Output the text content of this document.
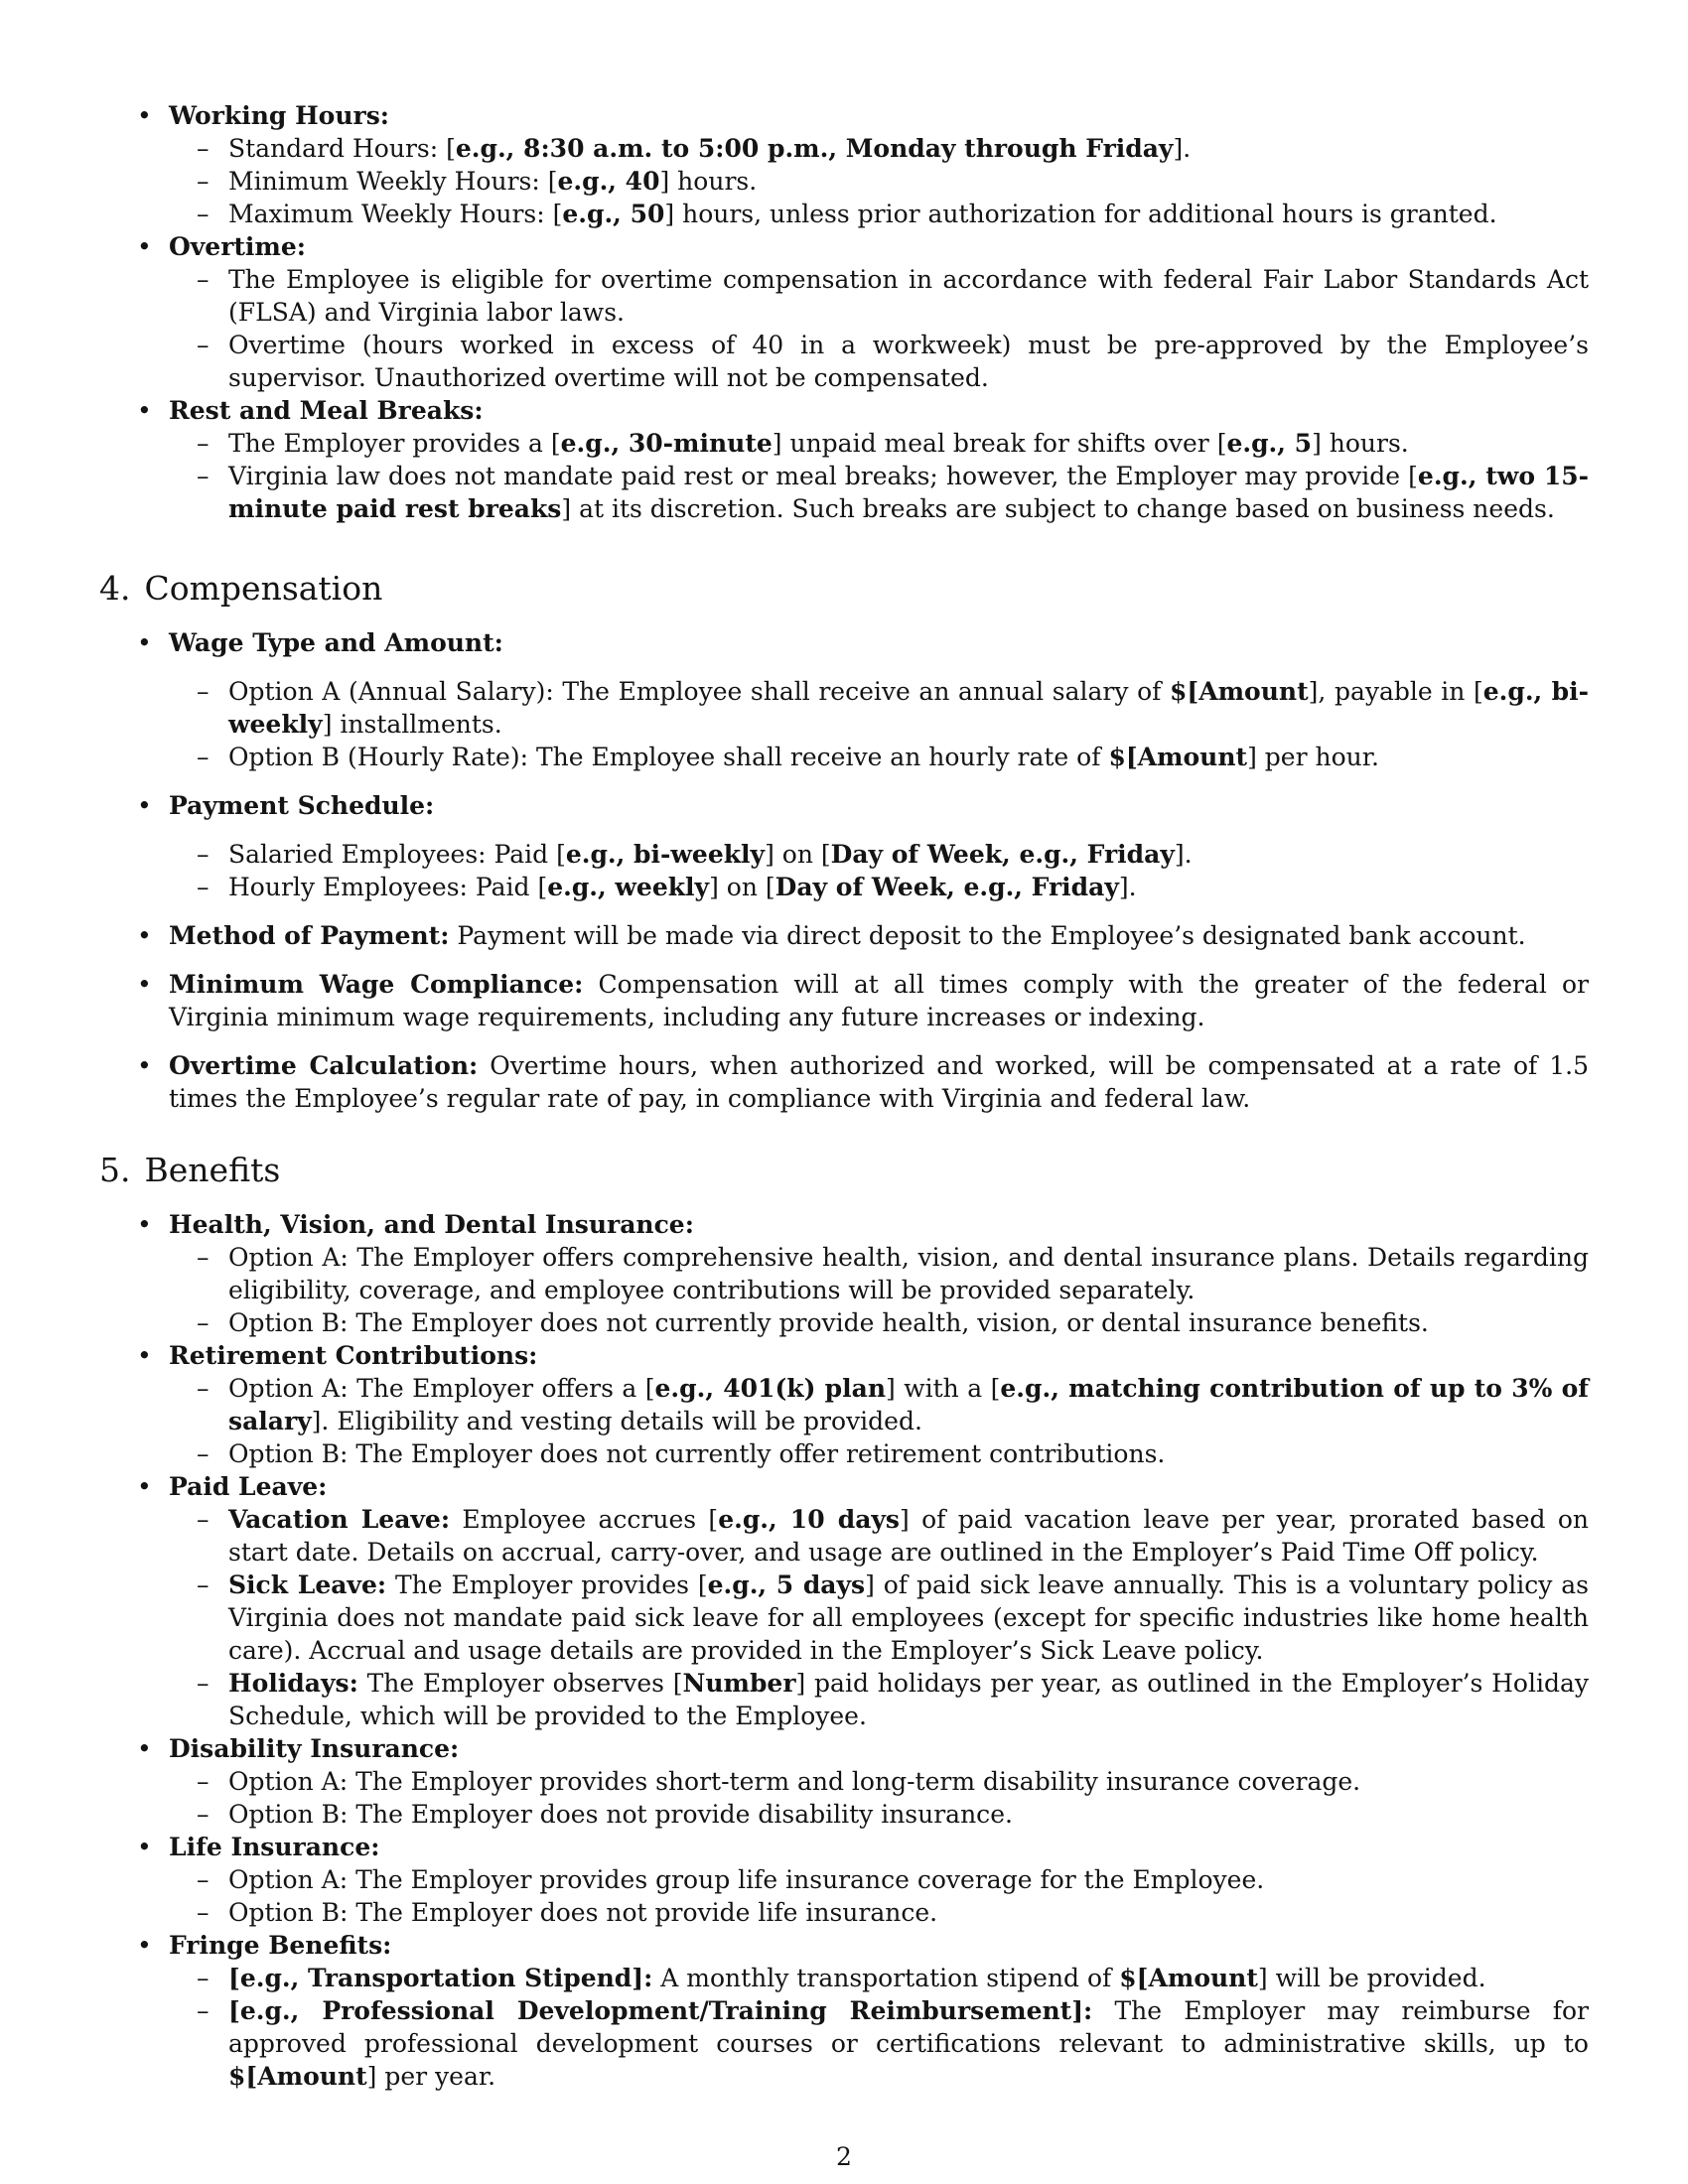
• Working Hours:
– Standard Hours: [e.g., 8:30 a.m. to 5:00 p.m., Monday through Friday].
– Minimum Weekly Hours: [e.g., 40] hours.
– Maximum Weekly Hours: [e.g., 50] hours, unless prior authorization for additional hours is granted.
• Overtime:
– The Employee is eligible for overtime compensation in accordance with federal Fair Labor Standards Act (FLSA) and Virginia labor laws.
– Overtime (hours worked in excess of 40 in a workweek) must be pre-approved by the Employee’s supervisor. Unauthorized overtime will not be compensated.
• Rest and Meal Breaks:
– The Employer provides a [e.g., 30-minute] unpaid meal break for shifts over [e.g., 5] hours.
– Virginia law does not mandate paid rest or meal breaks; however, the Employer may provide [e.g., two 15-minute paid rest breaks] at its discretion. Such breaks are subject to change based on business needs.
4. Compensation
• Wage Type and Amount:
– Option A (Annual Salary): The Employee shall receive an annual salary of $[Amount], payable in [e.g., bi-weekly] installments.
– Option B (Hourly Rate): The Employee shall receive an hourly rate of $[Amount] per hour.
• Payment Schedule:
– Salaried Employees: Paid [e.g., bi-weekly] on [Day of Week, e.g., Friday].
– Hourly Employees: Paid [e.g., weekly] on [Day of Week, e.g., Friday].
• Method of Payment: Payment will be made via direct deposit to the Employee’s designated bank account.
• Minimum Wage Compliance: Compensation will at all times comply with the greater of the federal or Virginia minimum wage requirements, including any future increases or indexing.
• Overtime Calculation: Overtime hours, when authorized and worked, will be compensated at a rate of 1.5 times the Employee’s regular rate of pay, in compliance with Virginia and federal law.
5. Benefits
• Health, Vision, and Dental Insurance:
– Option A: The Employer offers comprehensive health, vision, and dental insurance plans. Details regarding eligibility, coverage, and employee contributions will be provided separately.
– Option B: The Employer does not currently provide health, vision, or dental insurance benefits.
• Retirement Contributions:
– Option A: The Employer offers a [e.g., 401(k) plan] with a [e.g., matching contribution of up to 3% of salary]. Eligibility and vesting details will be provided.
– Option B: The Employer does not currently offer retirement contributions.
• Paid Leave:
– Vacation Leave: Employee accrues [e.g., 10 days] of paid vacation leave per year, prorated based on start date. Details on accrual, carry-over, and usage are outlined in the Employer’s Paid Time Off policy.
– Sick Leave: The Employer provides [e.g., 5 days] of paid sick leave annually. This is a voluntary policy as Virginia does not mandate paid sick leave for all employees (except for specific industries like home health care). Accrual and usage details are provided in the Employer’s Sick Leave policy.
– Holidays: The Employer observes [Number] paid holidays per year, as outlined in the Employer’s Holiday Schedule, which will be provided to the Employee.
• Disability Insurance:
– Option A: The Employer provides short-term and long-term disability insurance coverage.
– Option B: The Employer does not provide disability insurance.
• Life Insurance:
– Option A: The Employer provides group life insurance coverage for the Employee.
– Option B: The Employer does not provide life insurance.
• Fringe Benefits:
– [e.g., Transportation Stipend]: A monthly transportation stipend of $[Amount] will be provided.
– [e.g., Professional Development/Training Reimbursement]: The Employer may reimburse for approved professional development courses or certifications relevant to administrative skills, up to $[Amount] per year.
2
